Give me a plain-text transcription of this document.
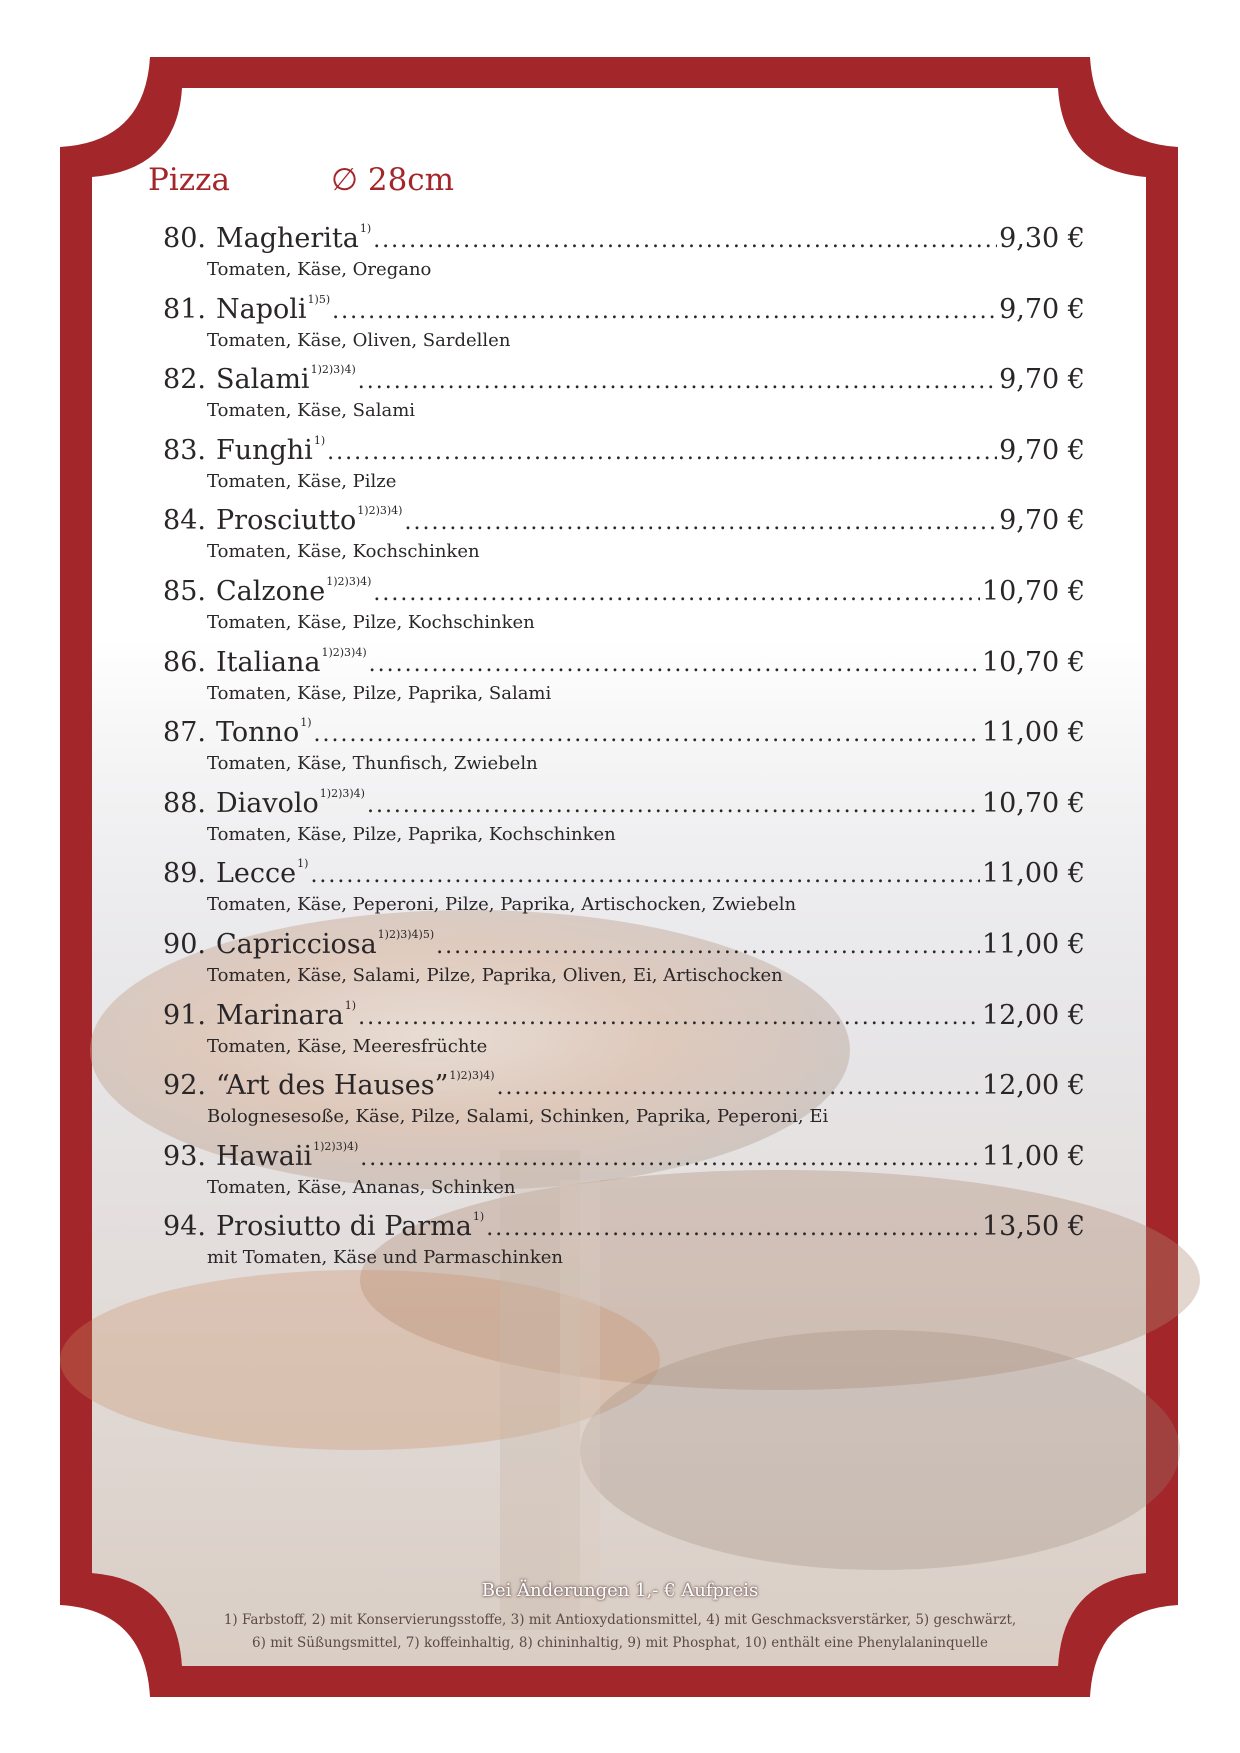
Pizza	∅ 28cm
80. Magherita$^{1)}$ .....	9,30 €
Tomaten, Käse, Oregano
81. Napoli$^{1)5)}$ .....	9,70 €
Tomaten, Käse, Oliven, Sardellen
82. Salami$^{1)2)3)4)}$ .....	9,70 €
Tomaten, Käse, Salami
83. Funghi$^{1)}$ .....	9,70 €
Tomaten, Käse, Pilze
84. Prosciutto$^{1)2)3)4)}$ .....	9,70 €
Tomaten, Käse, Kochschinken
85. Calzone$^{1)2)3)4)}$ .....	10,70 €
Tomaten, Käse, Pilze, Kochschinken
86. Italiana$^{1)2)3)4)}$ .....	10,70 €
Tomaten, Käse, Pilze, Paprika, Salami
87. Tonno$^{1)}$ .....	11,00 €
Tomaten, Käse, Thunfisch, Zwiebeln
88. Diavolo$^{1)2)3)4)}$ .....	10,70 €
Tomaten, Käse, Pilze, Paprika, Kochschinken
89. Lecce$^{1)}$ .....	11,00 €
Tomaten, Käse, Peperoni, Pilze, Paprika, Artischocken, Zwiebeln
90. Capricciosa$^{1)2)3)4)5)}$ .....	11,00 €
Tomaten, Käse, Salami, Pilze, Paprika, Oliven, Ei, Artischocken
91. Marinara$^{1)}$ .....	12,00 €
Tomaten, Käse, Meeresfrüchte
92. “Art des Hauses”$^{1)2)3)4)}$ .....	12,00 €
Bolognesesoße, Käse, Pilze, Salami, Schinken, Paprika, Peperoni, Ei
93. Hawaii$^{1)2)3)4)}$ .....	11,00 €
Tomaten, Käse, Ananas, Schinken
94. Prosiutto di Parma$^{1)}$ .....	13,50 €
mit Tomaten, Käse und Parmaschinken
Bei Änderungen 1,- € Aufpreis
1) Farbstoff, 2) mit Konservierungsstoffe, 3) mit Antioxydationsmittel, 4) mit Geschmacksverstärker, 5) geschwärzt,
6) mit Süßungsmittel, 7) koffeinhaltig, 8) chininhaltig, 9) mit Phosphat, 10) enthält eine Phenylalaninquelle
